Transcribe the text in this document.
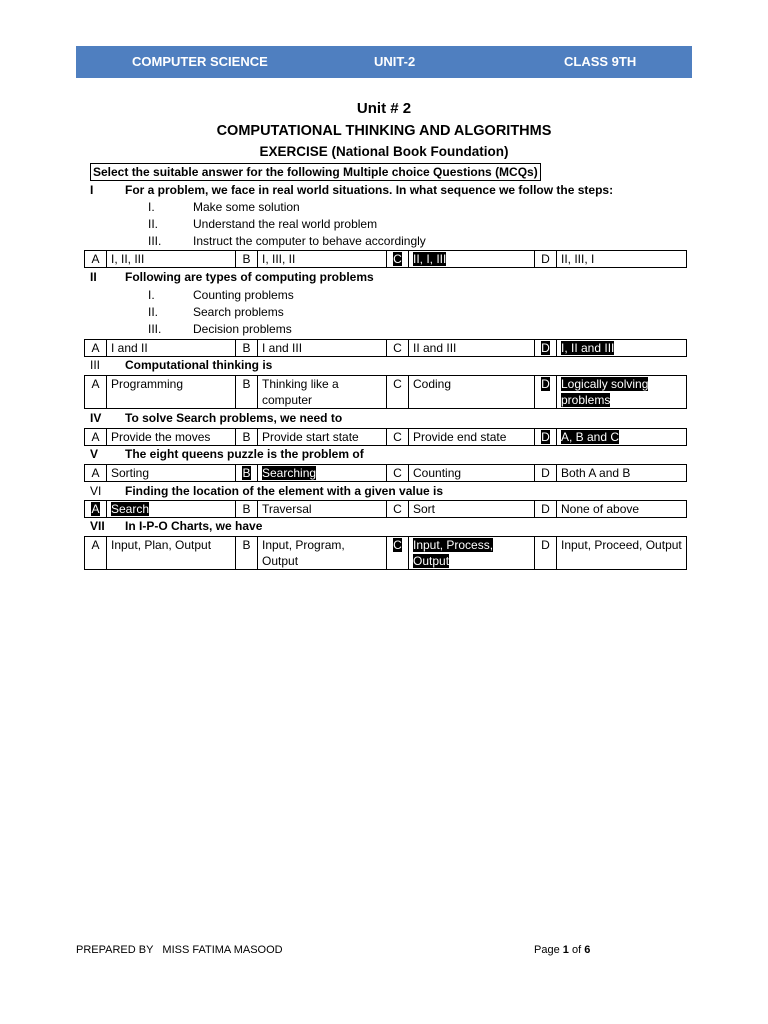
COMPUTER SCIENCE	UNIT-2	CLASS 9TH
Unit # 2
COMPUTATIONAL THINKING AND ALGORITHMS
EXERCISE (National Book Foundation)
Select the suitable answer for the following Multiple choice Questions (MCQs)
I	For a problem, we face in real world situations. In what sequence we follow the steps:
I.	Make some solution
II.	Understand the real world problem
III.	Instruct the computer to behave accordingly
A	I, II, III	B	I, III, II	C	II, I, III	D	II, III, I
II Following are types of computing problems
I.	Counting problems
II.	Search problems
III.	Decision problems
A	I and II	B	I and III	C	II and III	D	I, II and III
III Computational thinking is
A	Programming	B	Thinking like a computer	C	Coding	D	Logically solving problems
IV To solve Search problems, we need to
A	Provide the moves	B	Provide start state	C	Provide end state	D	A, B and C
V The eight queens puzzle is the problem of
A	Sorting	B	Searching	C	Counting	D	Both A and B
VI Finding the location of the element with a given value is
A	Search	B	Traversal	C	Sort	D	None of above
VII In I-P-O Charts, we have
A	Input, Plan, Output	B	Input, Program, Output	C	Input, Process, Output	D	Input, Proceed, Output
PREPARED BY   MISS FATIMA MASOOD	Page 1 of 6
